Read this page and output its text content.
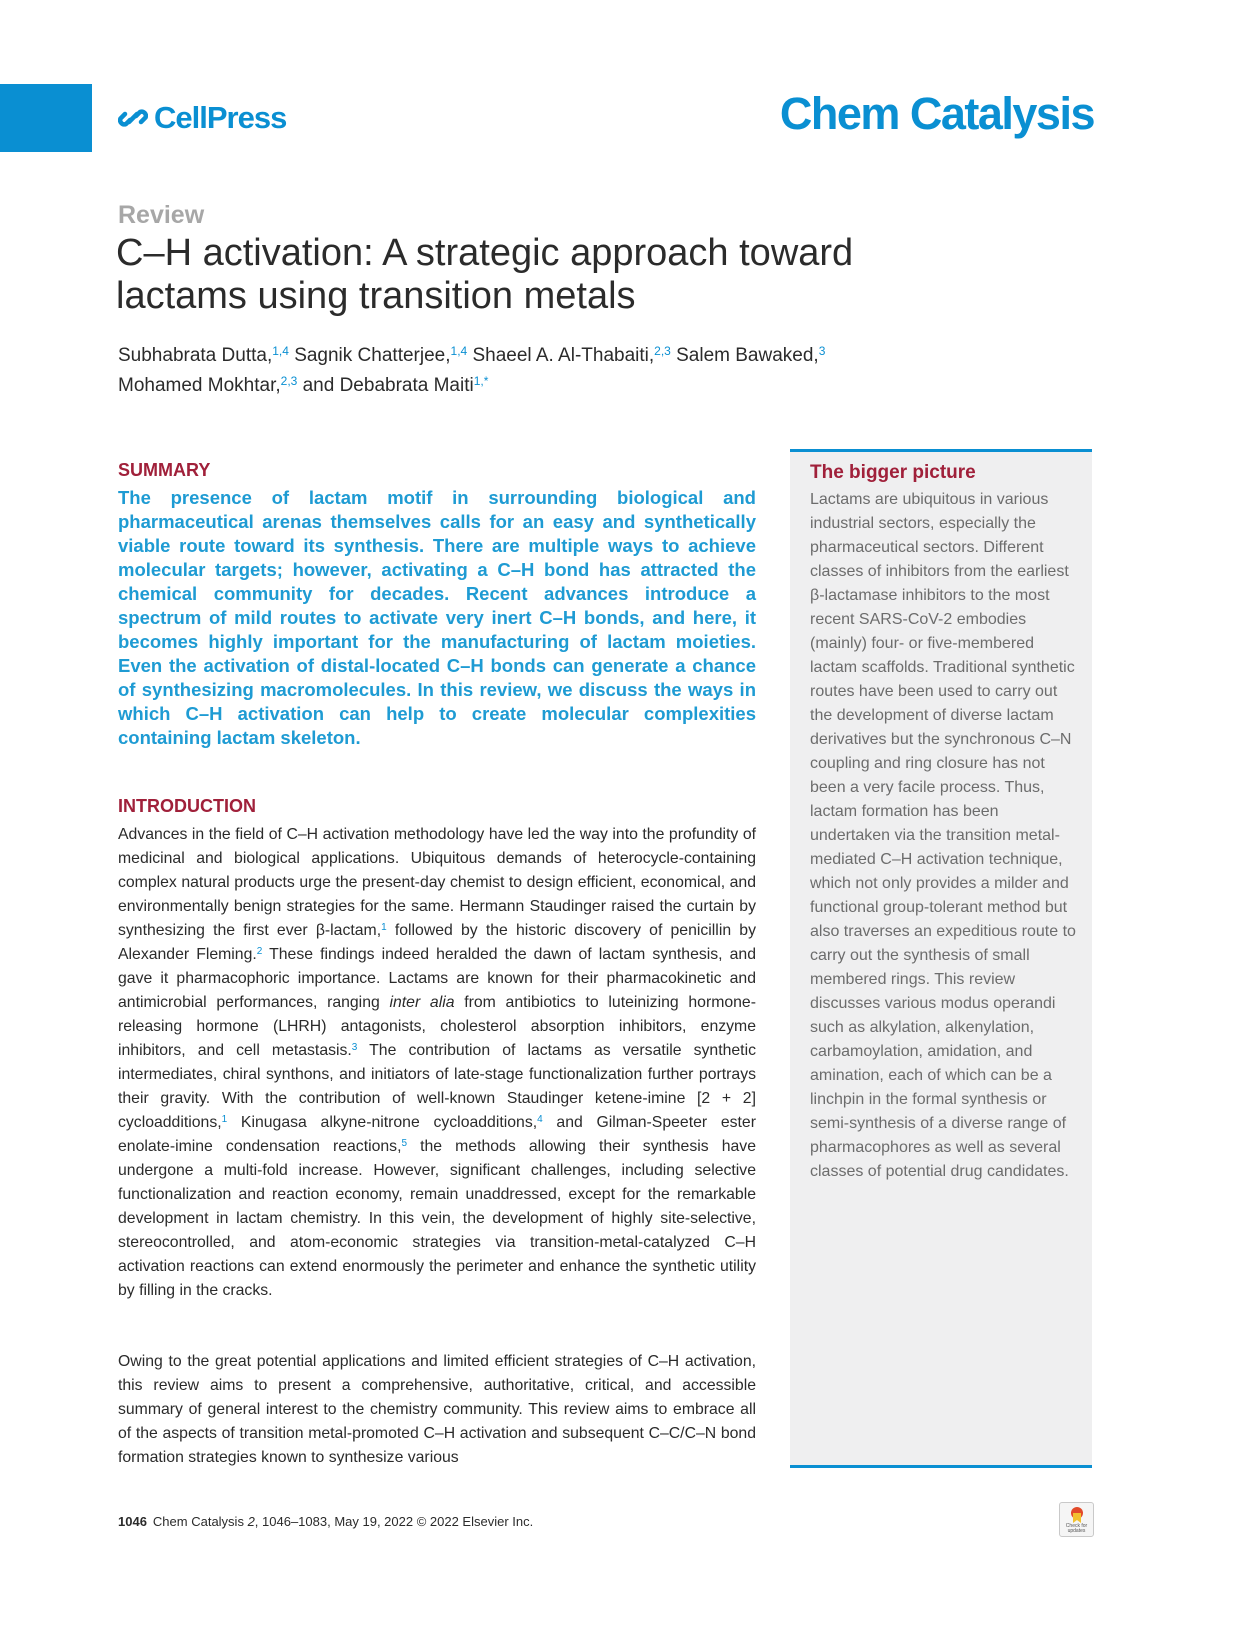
CellPress	Chem Catalysis
Review
C–H activation: A strategic approach toward lactams using transition metals
Subhabrata Dutta,$^{1,4}$ Sagnik Chatterjee,$^{1,4}$ Shaeel A. Al-Thabaiti,$^{2,3}$ Salem Bawaked,$^3$
Mohamed Mokhtar,$^{2,3}$ and Debabrata Maiti$^{1,*}$
SUMMARY

The presence of lactam motif in surrounding biological and pharmaceutical arenas themselves calls for an easy and synthetically viable route toward its synthesis. There are multiple ways to achieve molecular targets; however, activating a C–H bond has attracted the chemical community for decades. Recent advances introduce a spectrum of mild routes to activate very inert C–H bonds, and here, it becomes highly important for the manufacturing of lactam moieties. Even the activation of distal-located C–H bonds can generate a chance of synthesizing macromolecules. In this review, we discuss the ways in which C–H activation can help to create molecular complexities containing lactam skeleton.

INTRODUCTION

Advances in the field of C–H activation methodology have led the way into the profundity of medicinal and biological applications. Ubiquitous demands of heterocycle-containing complex natural products urge the present-day chemist to design efficient, economical, and environmentally benign strategies for the same. Hermann Staudinger raised the curtain by synthesizing the first ever β-lactam,$^1$ followed by the historic discovery of penicillin by Alexander Fleming.$^2$ These findings indeed heralded the dawn of lactam synthesis, and gave it pharmacophoric importance. Lactams are known for their pharmacokinetic and antimicrobial performances, ranging inter alia from antibiotics to luteinizing hormone-releasing hormone (LHRH) antagonists, cholesterol absorption inhibitors, enzyme inhibitors, and cell metastasis.$^3$ The contribution of lactams as versatile synthetic intermediates, chiral synthons, and initiators of late-stage functionalization further portrays their gravity. With the contribution of well-known Staudinger ketene-imine [2 + 2] cycloadditions,$^1$ Kinugasa alkyne-nitrone cycloadditions,$^4$ and Gilman-Speeter ester enolate-imine condensation reactions,$^5$ the methods allowing their synthesis have undergone a multi-fold increase. However, significant challenges, including selective functionalization and reaction economy, remain unaddressed, except for the remarkable development in lactam chemistry. In this vein, the development of highly site-selective, stereocontrolled, and atom-economic strategies via transition-metal-catalyzed C–H activation reactions can extend enormously the perimeter and enhance the synthetic utility by filling in the cracks.

Owing to the great potential applications and limited efficient strategies of C–H activation, this review aims to present a comprehensive, authoritative, critical, and accessible summary of general interest to the chemistry community. This review aims to embrace all of the aspects of transition metal-promoted C–H activation and subsequent C–C/C–N bond formation strategies known to synthesize various

The bigger picture

Lactams are ubiquitous in various industrial sectors, especially the pharmaceutical sectors. Different classes of inhibitors from the earliest β-lactamase inhibitors to the most recent SARS-CoV-2 embodies (mainly) four- or five-membered lactam scaffolds. Traditional synthetic routes have been used to carry out the development of diverse lactam derivatives but the synchronous C–N coupling and ring closure has not been a very facile process. Thus, lactam formation has been undertaken via the transition metal-mediated C–H activation technique, which not only provides a milder and functional group-tolerant method but also traverses an expeditious route to carry out the synthesis of small membered rings. This review discusses various modus operandi such as alkylation, alkenylation, carbamoylation, amidation, and amination, each of which can be a linchpin in the formal synthesis or semi-synthesis of a diverse range of pharmacophores as well as several classes of potential drug candidates.

1046 Chem Catalysis 2, 1046–1083, May 19, 2022 © 2022 Elsevier Inc.	Check for updates
